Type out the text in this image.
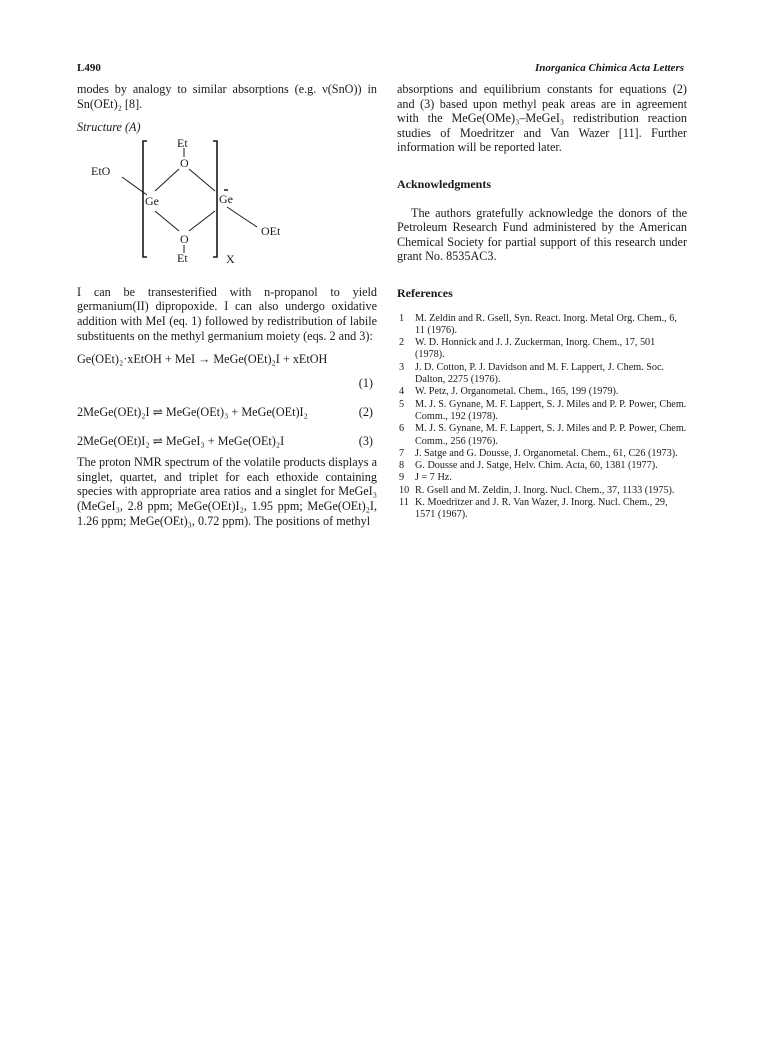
L490	Inorganica Chimica Acta Letters

modes by analogy to similar absorptions (e.g. ν(SnO)) in Sn(OEt)₂ [8].

Structure (A)

Et
O
EtO
Ge	Ge
O
Et
OEt
X

I can be transesterified with n-propanol to yield germanium(II) dipropoxide. I can also undergo oxidative addition with MeI (eq. 1) followed by redistribution of labile substituents on the methyl germanium moiety (eqs. 2 and 3):

Ge(OEt)₂·xEtOH + MeI → MeGe(OEt)₂I + xEtOH
(1)
2MeGe(OEt)₂I ⇌ MeGe(OEt)₃ + MeGe(OEt)I₂	(2)
2MeGe(OEt)I₂ ⇌ MeGeI₃ + MeGe(OEt)₂I	(3)

The proton NMR spectrum of the volatile products displays a singlet, quartet, and triplet for each ethoxide containing species with appropriate area ratios and a singlet for MeGeI₃ (MeGeI₃, 2.8 ppm; MeGe(OEt)I₂, 1.95 ppm; MeGe(OEt)₂I, 1.26 ppm; MeGe(OEt)₃, 0.72 ppm). The positions of methyl

absorptions and equilibrium constants for equations (2) and (3) based upon methyl peak areas are in agreement with the MeGe(OMe)₃–MeGeI₃ redistribution reaction studies of Moedritzer and Van Wazer [11]. Further information will be reported later.

Acknowledgments

The authors gratefully acknowledge the donors of the Petroleum Research Fund administered by the American Chemical Society for partial support of this research under grant No. 8535AC3.

References

1 M. Zeldin and R. Gsell, Syn. React. Inorg. Metal Org. Chem., 6, 11 (1976).
2 W. D. Honnick and J. J. Zuckerman, Inorg. Chem., 17, 501 (1978).
3 J. D. Cotton, P. J. Davidson and M. F. Lappert, J. Chem. Soc. Dalton, 2275 (1976).
4 W. Petz, J. Organometal. Chem., 165, 199 (1979).
5 M. J. S. Gynane, M. F. Lappert, S. J. Miles and P. P. Power, Chem. Comm., 192 (1978).
6 M. J. S. Gynane, M. F. Lappert, S. J. Miles and P. P. Power, Chem. Comm., 256 (1976).
7 J. Satge and G. Dousse, J. Organometal. Chem., 61, C26 (1973).
8 G. Dousse and J. Satge, Helv. Chim. Acta, 60, 1381 (1977).
9 J = 7 Hz.
10 R. Gsell and M. Zeldin, J. Inorg. Nucl. Chem., 37, 1133 (1975).
11 K. Moedritzer and J. R. Van Wazer, J. Inorg. Nucl. Chem., 29, 1571 (1967).
